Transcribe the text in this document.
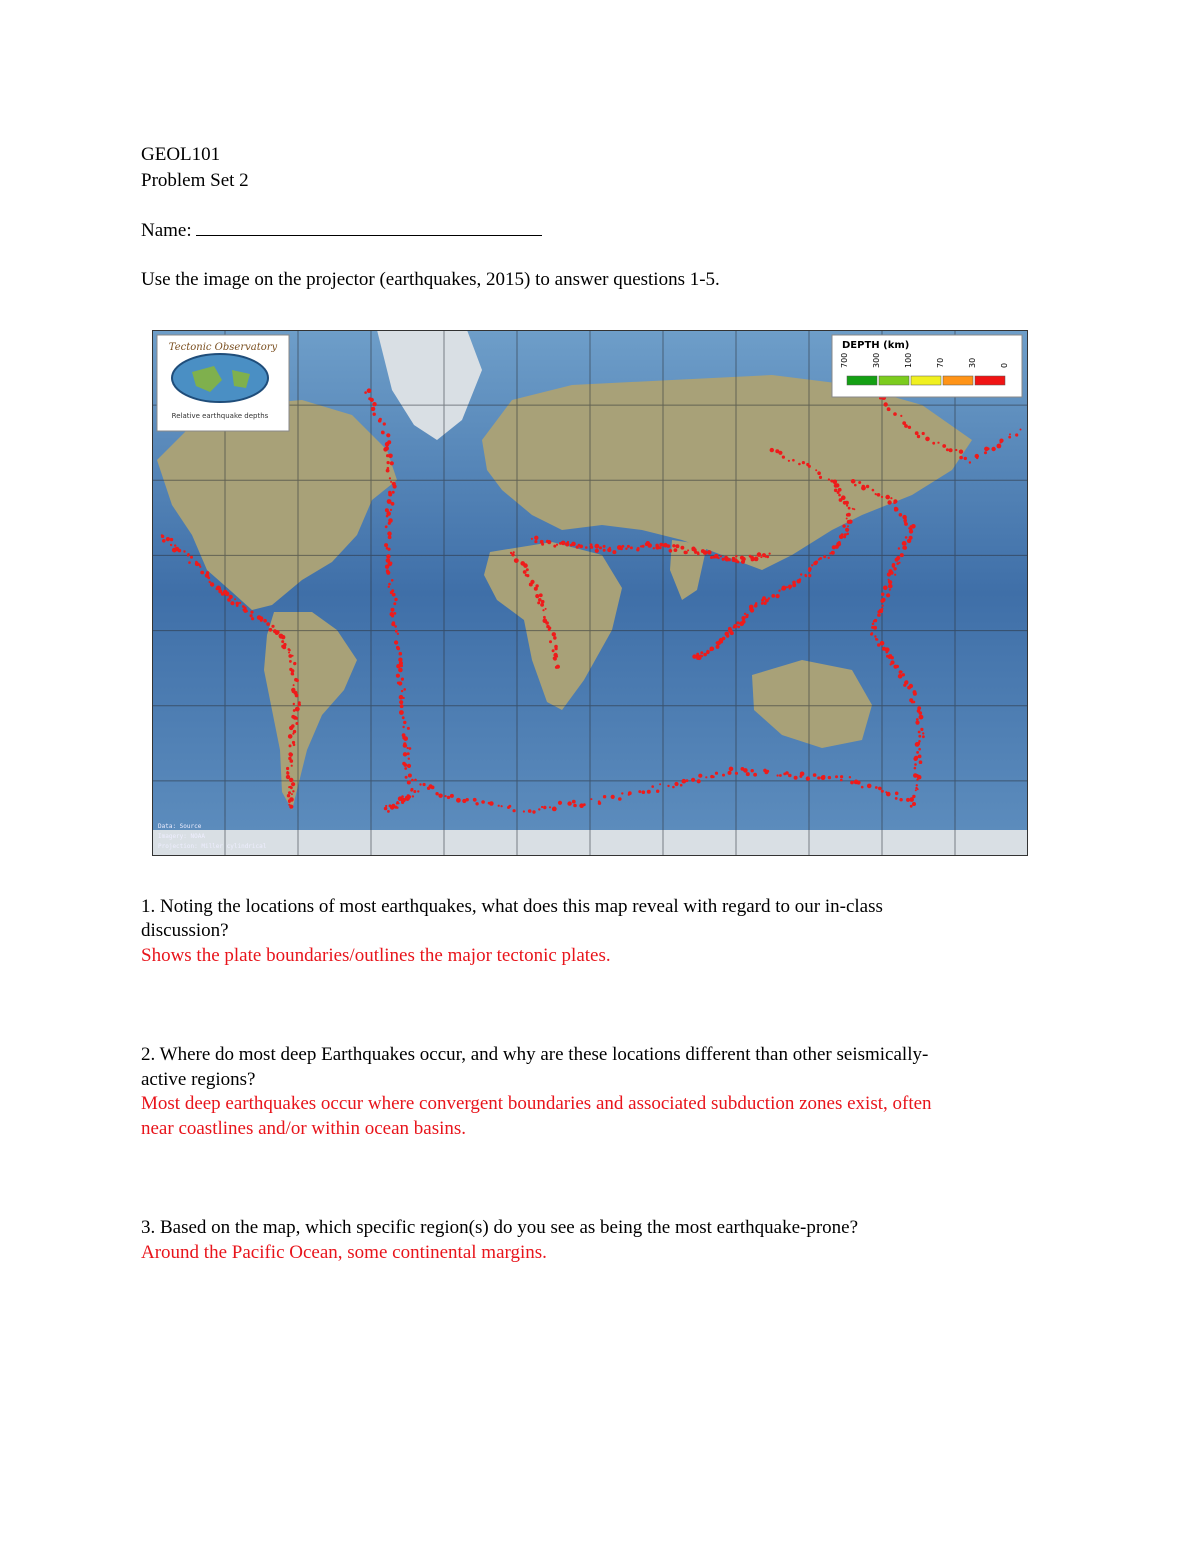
GEOL101
Problem Set 2
Name:
Use the image on the projector (earthquakes, 2015) to answer questions 1-5.
Tectonic Observatory
Relative earthquake depths
DEPTH (km)
700	300	100	70	30	0
Data: Source
Imagery: NOAA
Projection: Miller cylindrical
1. Noting the locations of most earthquakes, what does this map reveal with regard to our in-class
discussion?
Shows the plate boundaries/outlines the major tectonic plates.
2. Where do most deep Earthquakes occur, and why are these locations different than other seismically-
active regions?
Most deep earthquakes occur where convergent boundaries and associated subduction zones exist, often
near coastlines and/or within ocean basins.
3. Based on the map, which specific region(s) do you see as being the most earthquake-prone?
Around the Pacific Ocean, some continental margins.
